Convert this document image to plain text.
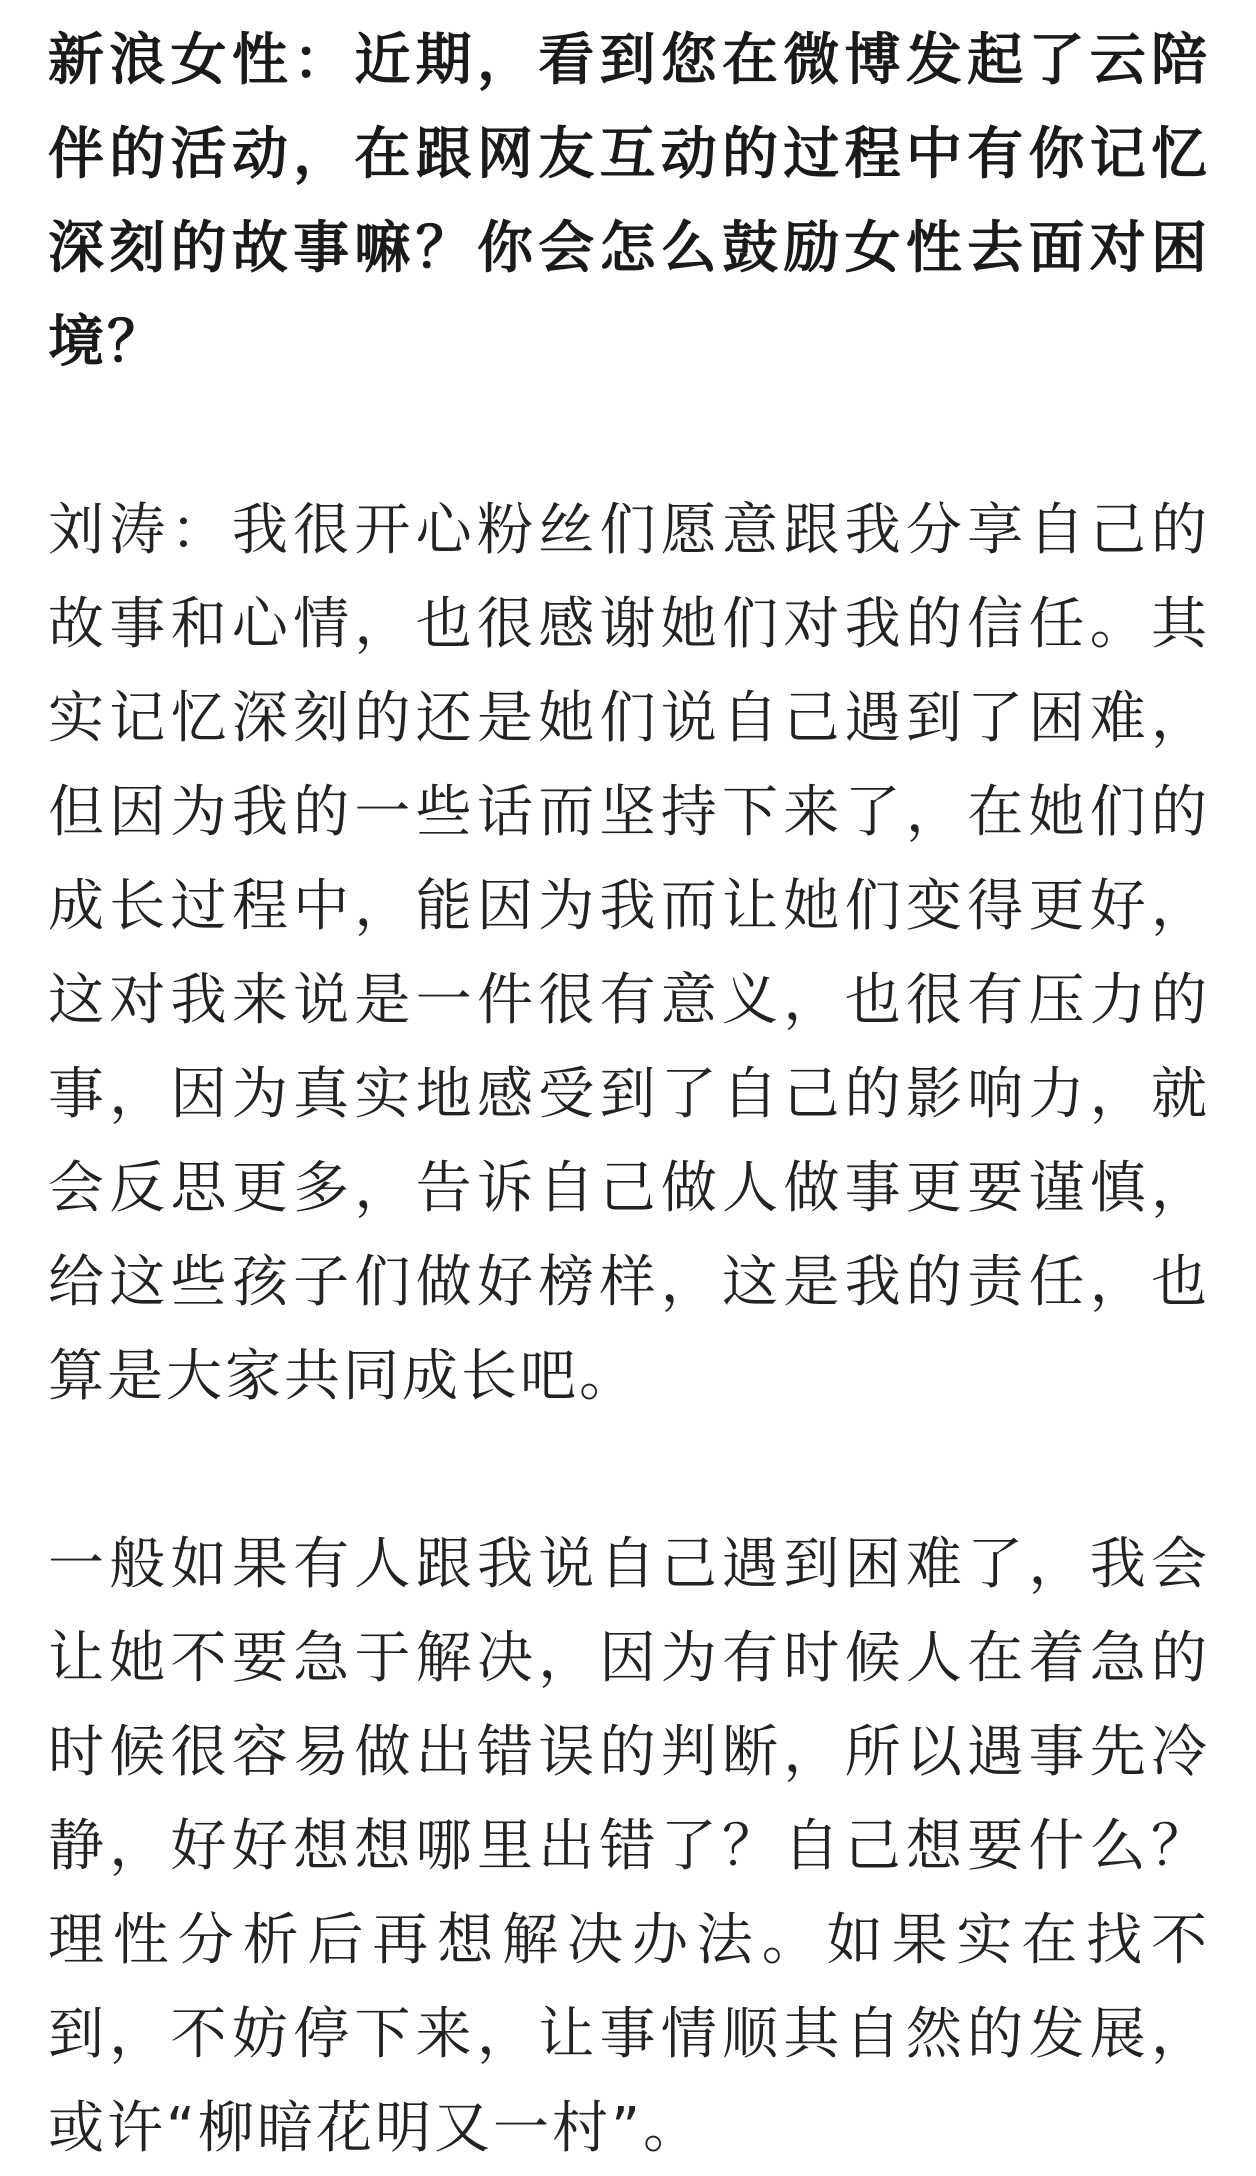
新浪女性：近期，看到您在微博发起了云陪伴的活动，在跟网友互动的过程中有你记忆深刻的故事嘛？你会怎么鼓励女性去面对困境？

刘涛：我很开心粉丝们愿意跟我分享自己的故事和心情，也很感谢她们对我的信任。其实记忆深刻的还是她们说自己遇到了困难，但因为我的一些话而坚持下来了，在她们的成长过程中，能因为我而让她们变得更好，这对我来说是一件很有意义，也很有压力的事，因为真实地感受到了自己的影响力，就会反思更多，告诉自己做人做事更要谨慎，给这些孩子们做好榜样，这是我的责任，也算是大家共同成长吧。

一般如果有人跟我说自己遇到困难了，我会让她不要急于解决，因为有时候人在着急的时候很容易做出错误的判断，所以遇事先冷静，好好想想哪里出错了？自己想要什么？理性分析后再想解决办法。如果实在找不到，不妨停下来，让事情顺其自然的发展，或许“柳暗花明又一村”。
